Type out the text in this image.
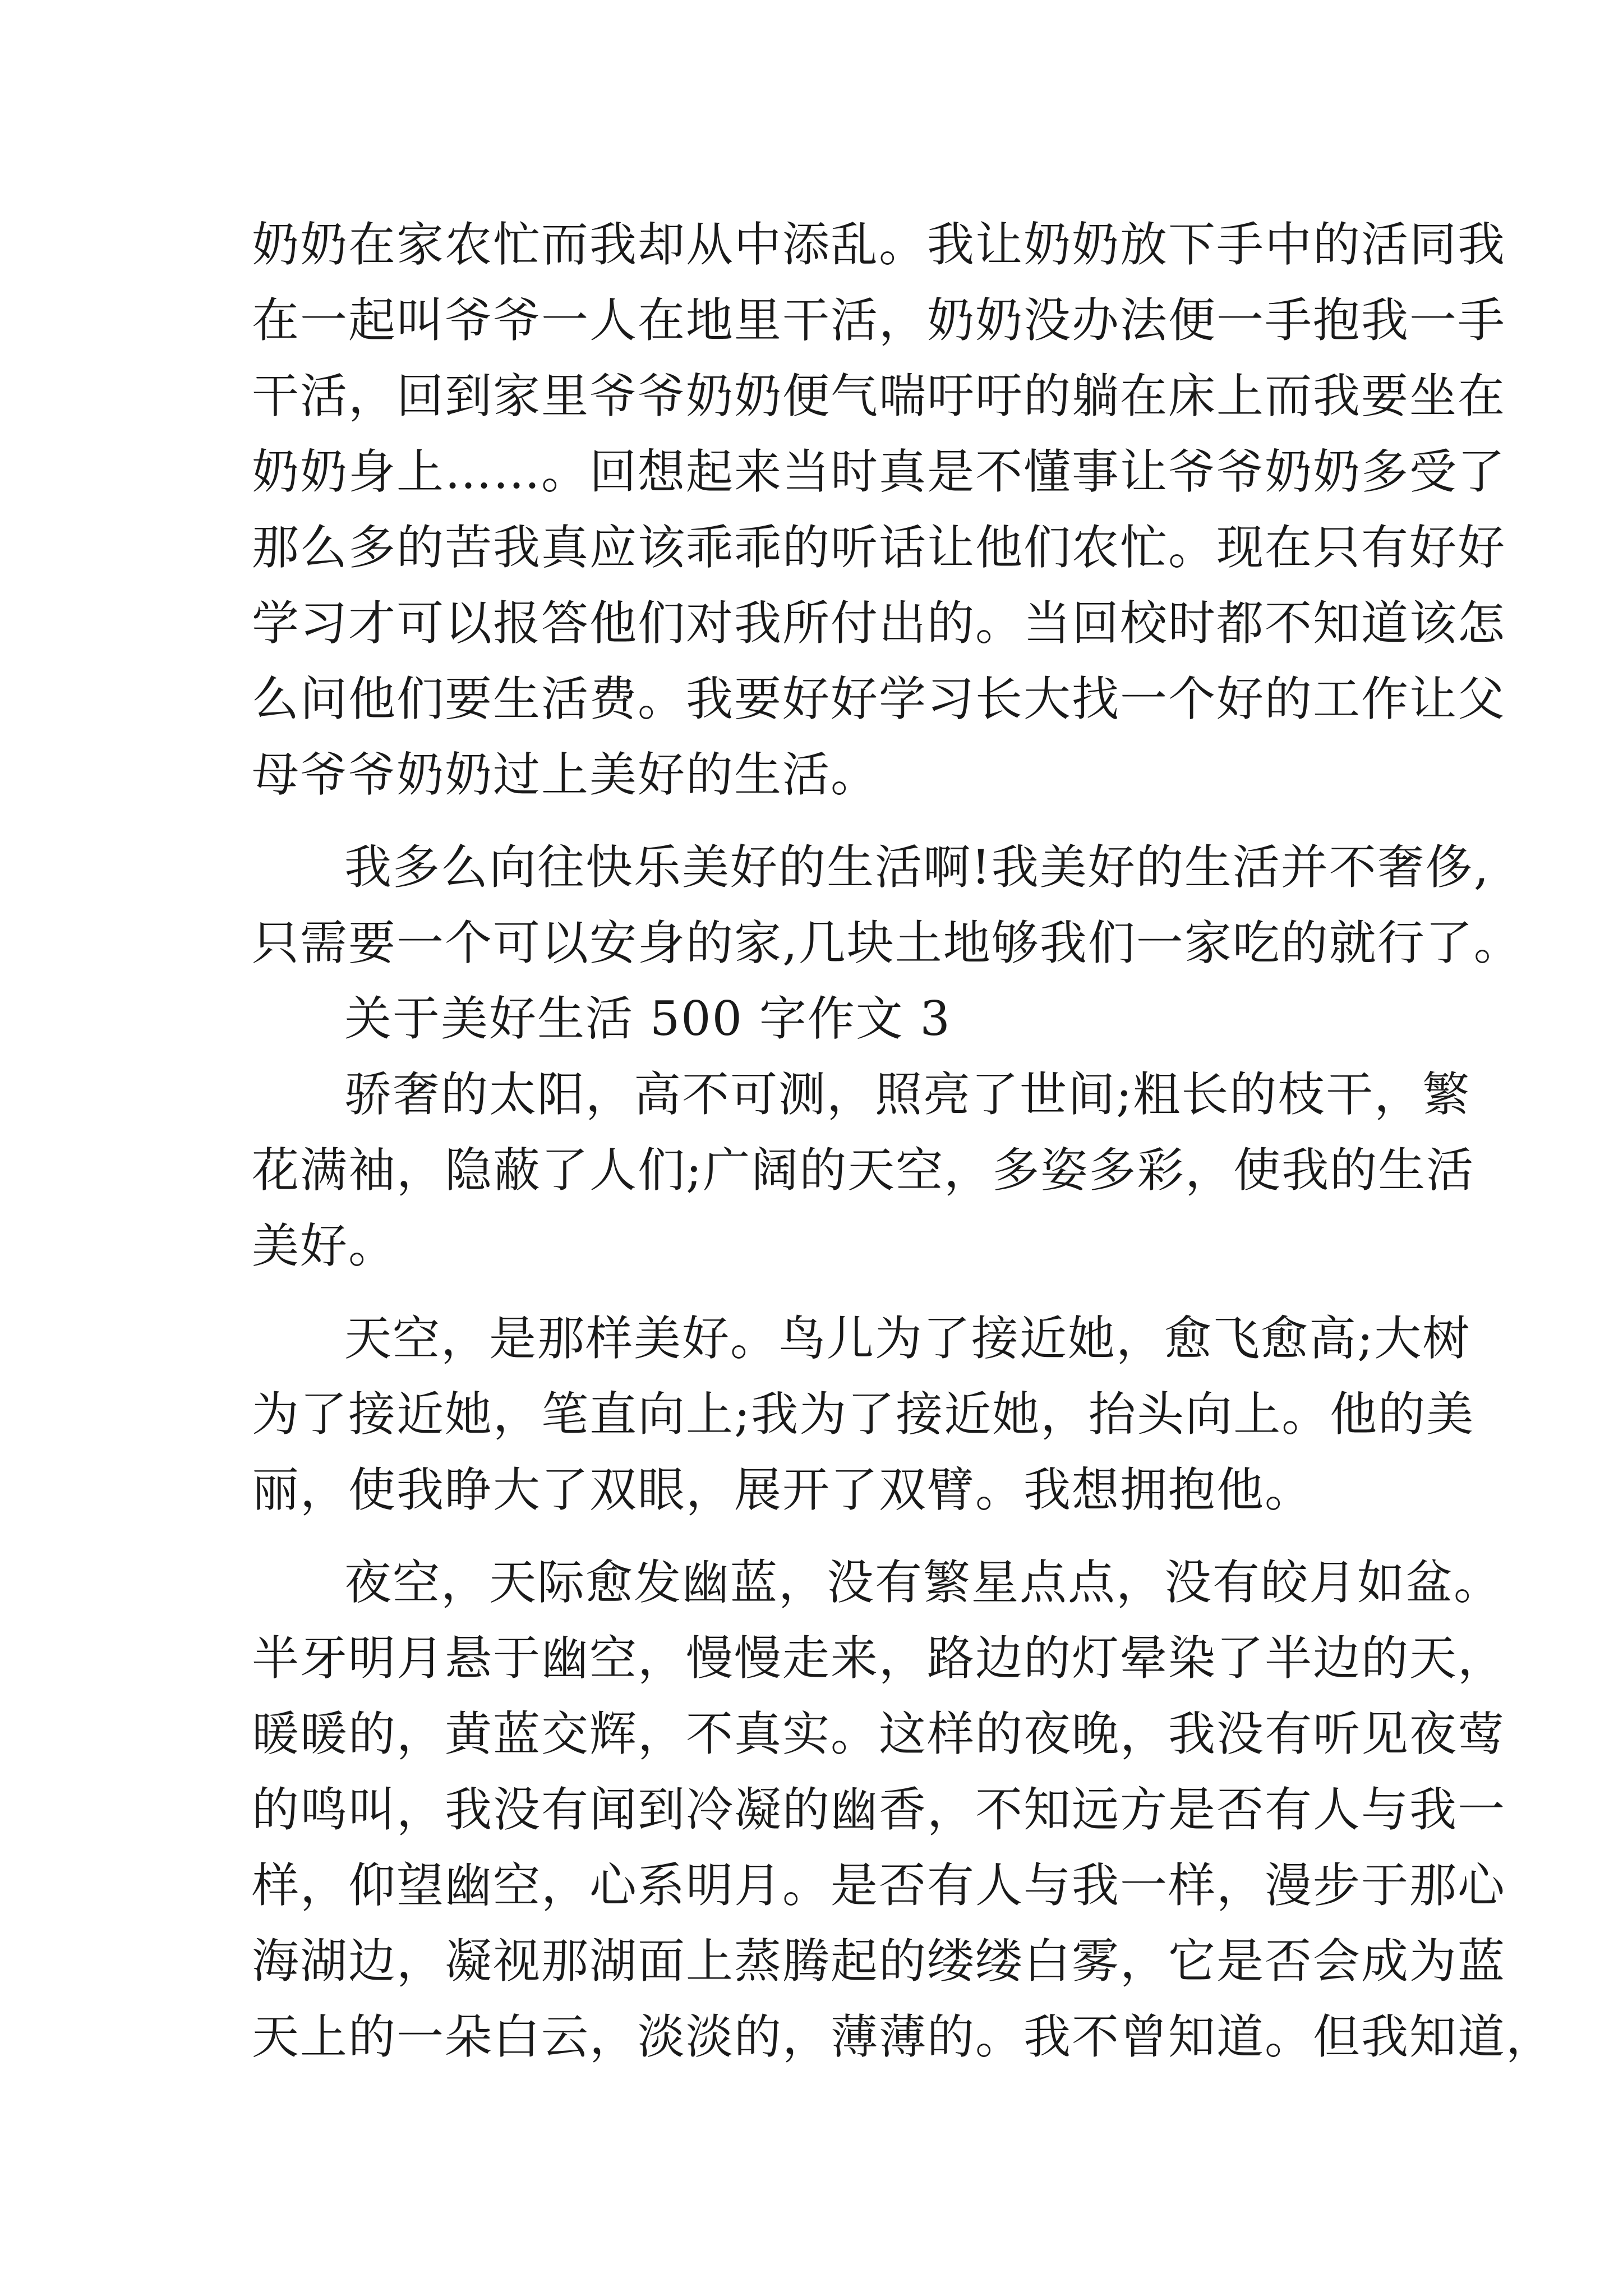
奶奶在家农忙而我却从中添乱。我让奶奶放下手中的活同我
在一起叫爷爷一人在地里干活，奶奶没办法便一手抱我一手
干活，回到家里爷爷奶奶便气喘吁吁的躺在床上而我要坐在
奶奶身上……。回想起来当时真是不懂事让爷爷奶奶多受了
那么多的苦我真应该乖乖的听话让他们农忙。现在只有好好
学习才可以报答他们对我所付出的。当回校时都不知道该怎
么问他们要生活费。我要好好学习长大找一个好的工作让父
母爷爷奶奶过上美好的生活。
我多么向往快乐美好的生活啊!我美好的生活并不奢侈,
只需要一个可以安身的家,几块土地够我们一家吃的就行了。
关于美好生活 500 字作文 3
骄奢的太阳，高不可测，照亮了世间;粗长的枝干，繁
花满袖，隐蔽了人们;广阔的天空，多姿多彩，使我的生活
美好。
天空，是那样美好。鸟儿为了接近她，愈飞愈高;大树
为了接近她，笔直向上;我为了接近她，抬头向上。他的美
丽，使我睁大了双眼，展开了双臂。我想拥抱他。
夜空，天际愈发幽蓝，没有繁星点点，没有皎月如盆。
半牙明月悬于幽空，慢慢走来，路边的灯晕染了半边的天，
暖暖的，黄蓝交辉，不真实。这样的夜晚，我没有听见夜莺
的鸣叫，我没有闻到冷凝的幽香，不知远方是否有人与我一
样，仰望幽空，心系明月。是否有人与我一样，漫步于那心
海湖边，凝视那湖面上蒸腾起的缕缕白雾，它是否会成为蓝
天上的一朵白云，淡淡的，薄薄的。我不曾知道。但我知道，
